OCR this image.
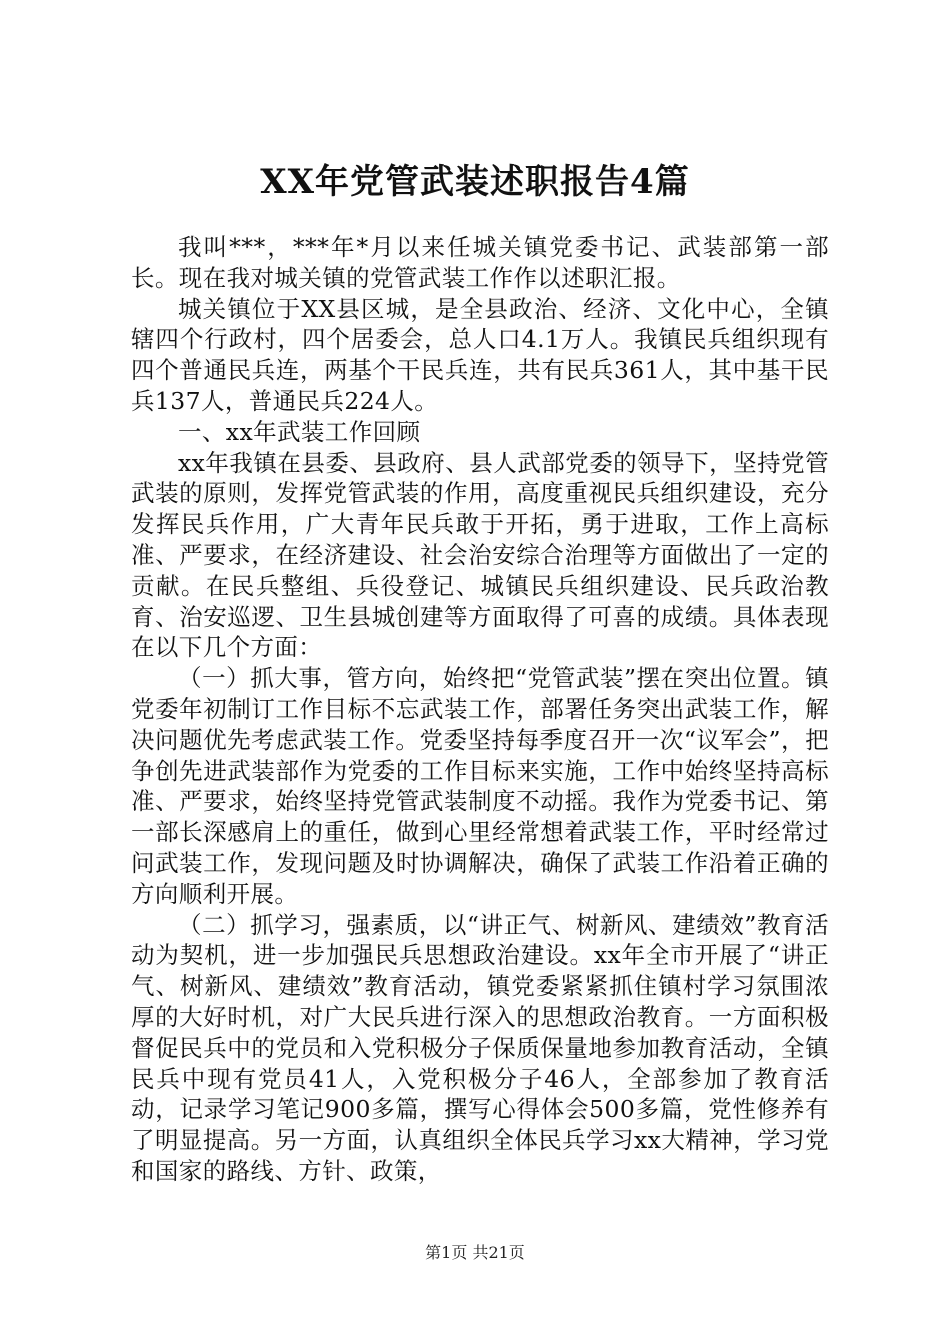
XX年党管武装述职报告4篇

我叫***，***年*月以来任城关镇党委书记、武装部第一部长。现在我对城关镇的党管武装工作作以述职汇报。

城关镇位于XX县区城，是全县政治、经济、文化中心，全镇辖四个行政村，四个居委会，总人口4.1万人。我镇民兵组织现有四个普通民兵连，两基个干民兵连，共有民兵361人，其中基干民兵137人，普通民兵224人。

一、xx年武装工作回顾

xx年我镇在县委、县政府、县人武部党委的领导下，坚持党管武装的原则，发挥党管武装的作用，高度重视民兵组织建设，充分发挥民兵作用，广大青年民兵敢于开拓，勇于进取，工作上高标准、严要求，在经济建设、社会治安综合治理等方面做出了一定的贡献。在民兵整组、兵役登记、城镇民兵组织建设、民兵政治教育、治安巡逻、卫生县城创建等方面取得了可喜的成绩。具体表现在以下几个方面：

（一）抓大事，管方向，始终把“党管武装”摆在突出位置。镇党委年初制订工作目标不忘武装工作，部署任务突出武装工作，解决问题优先考虑武装工作。党委坚持每季度召开一次“议军会”，把争创先进武装部作为党委的工作目标来实施，工作中始终坚持高标准、严要求，始终坚持党管武装制度不动摇。我作为党委书记、第一部长深感肩上的重任，做到心里经常想着武装工作，平时经常过问武装工作，发现问题及时协调解决，确保了武装工作沿着正确的方向顺利开展。

（二）抓学习，强素质，以“讲正气、树新风、建绩效”教育活动为契机，进一步加强民兵思想政治建设。xx年全市开展了“讲正气、树新风、建绩效”教育活动，镇党委紧紧抓住镇村学习氛围浓厚的大好时机，对广大民兵进行深入的思想政治教育。一方面积极督促民兵中的党员和入党积极分子保质保量地参加教育活动，全镇民兵中现有党员41人，入党积极分子46人，全部参加了教育活动，记录学习笔记900多篇，撰写心得体会500多篇，党性修养有了明显提高。另一方面，认真组织全体民兵学习xx大精神，学习党和国家的路线、方针、政策，

第1页 共21页
